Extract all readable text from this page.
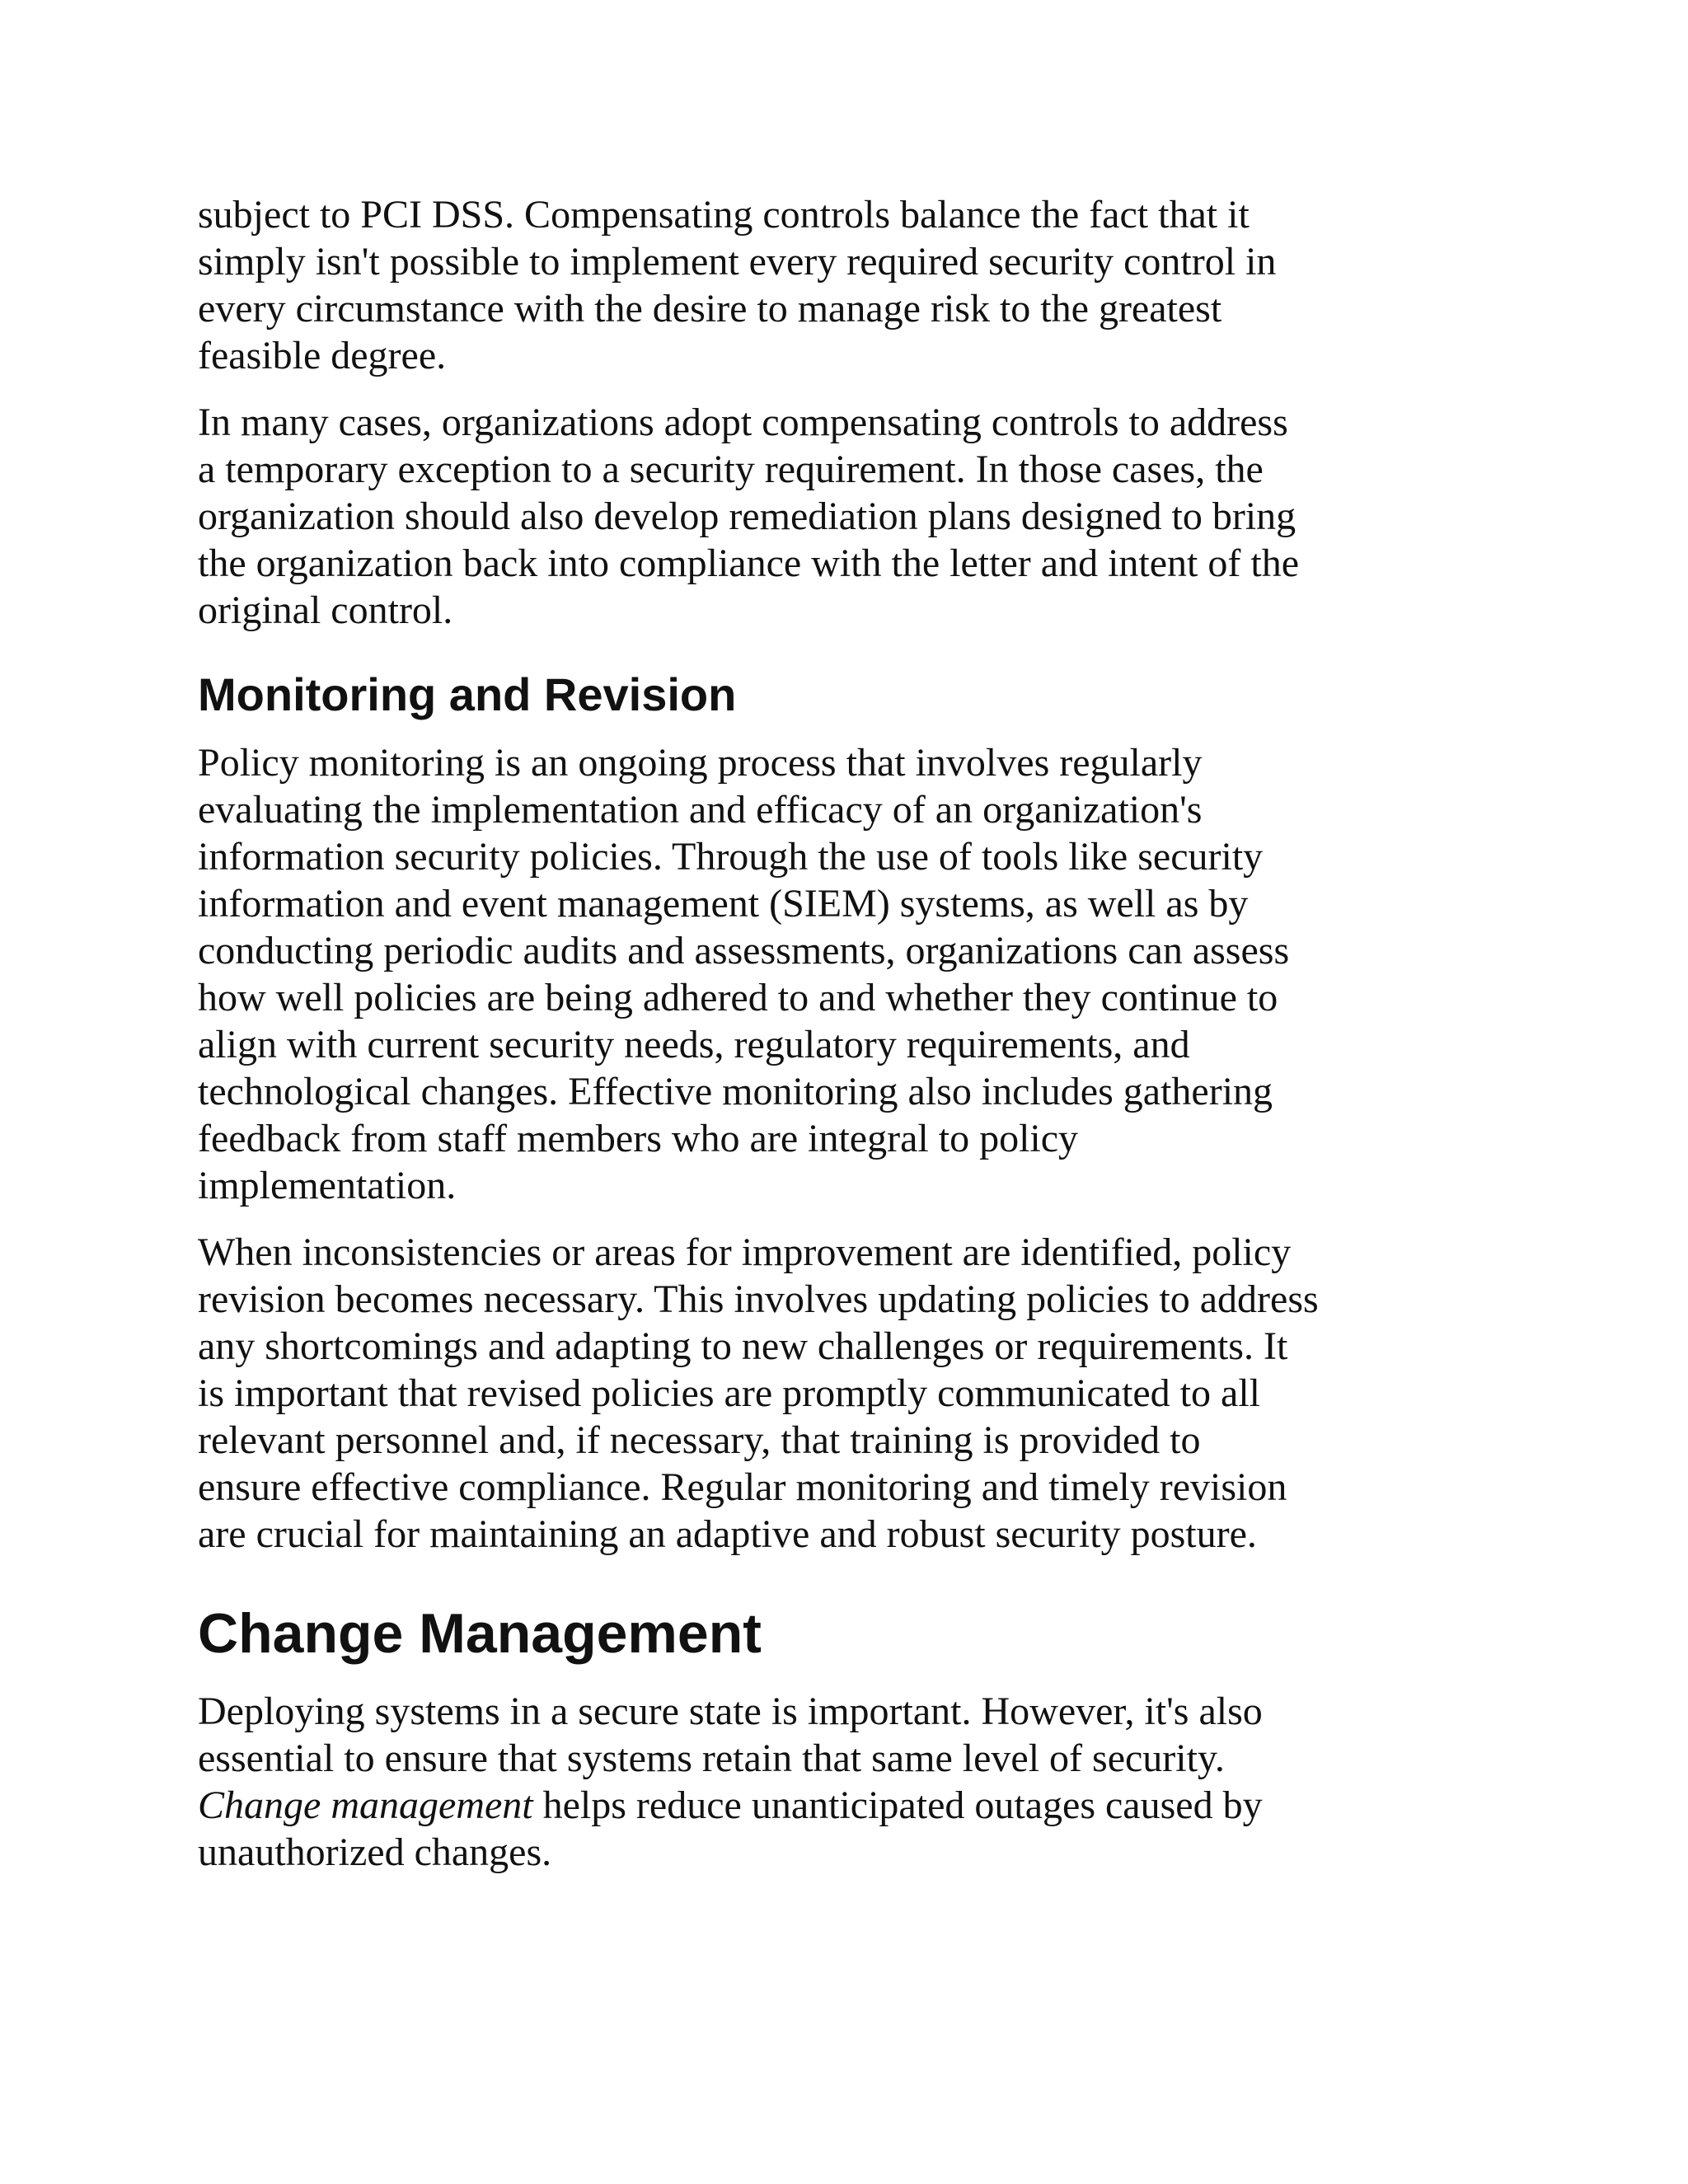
subject to PCI DSS. Compensating controls balance the fact that it
simply isn't possible to implement every required security control in
every circumstance with the desire to manage risk to the greatest
feasible degree.

In many cases, organizations adopt compensating controls to address
a temporary exception to a security requirement. In those cases, the
organization should also develop remediation plans designed to bring
the organization back into compliance with the letter and intent of the
original control.

Monitoring and Revision

Policy monitoring is an ongoing process that involves regularly
evaluating the implementation and efficacy of an organization's
information security policies. Through the use of tools like security
information and event management (SIEM) systems, as well as by
conducting periodic audits and assessments, organizations can assess
how well policies are being adhered to and whether they continue to
align with current security needs, regulatory requirements, and
technological changes. Effective monitoring also includes gathering
feedback from staff members who are integral to policy
implementation.

When inconsistencies or areas for improvement are identified, policy
revision becomes necessary. This involves updating policies to address
any shortcomings and adapting to new challenges or requirements. It
is important that revised policies are promptly communicated to all
relevant personnel and, if necessary, that training is provided to
ensure effective compliance. Regular monitoring and timely revision
are crucial for maintaining an adaptive and robust security posture.

Change Management

Deploying systems in a secure state is important. However, it's also
essential to ensure that systems retain that same level of security.
Change management helps reduce unanticipated outages caused by
unauthorized changes.
